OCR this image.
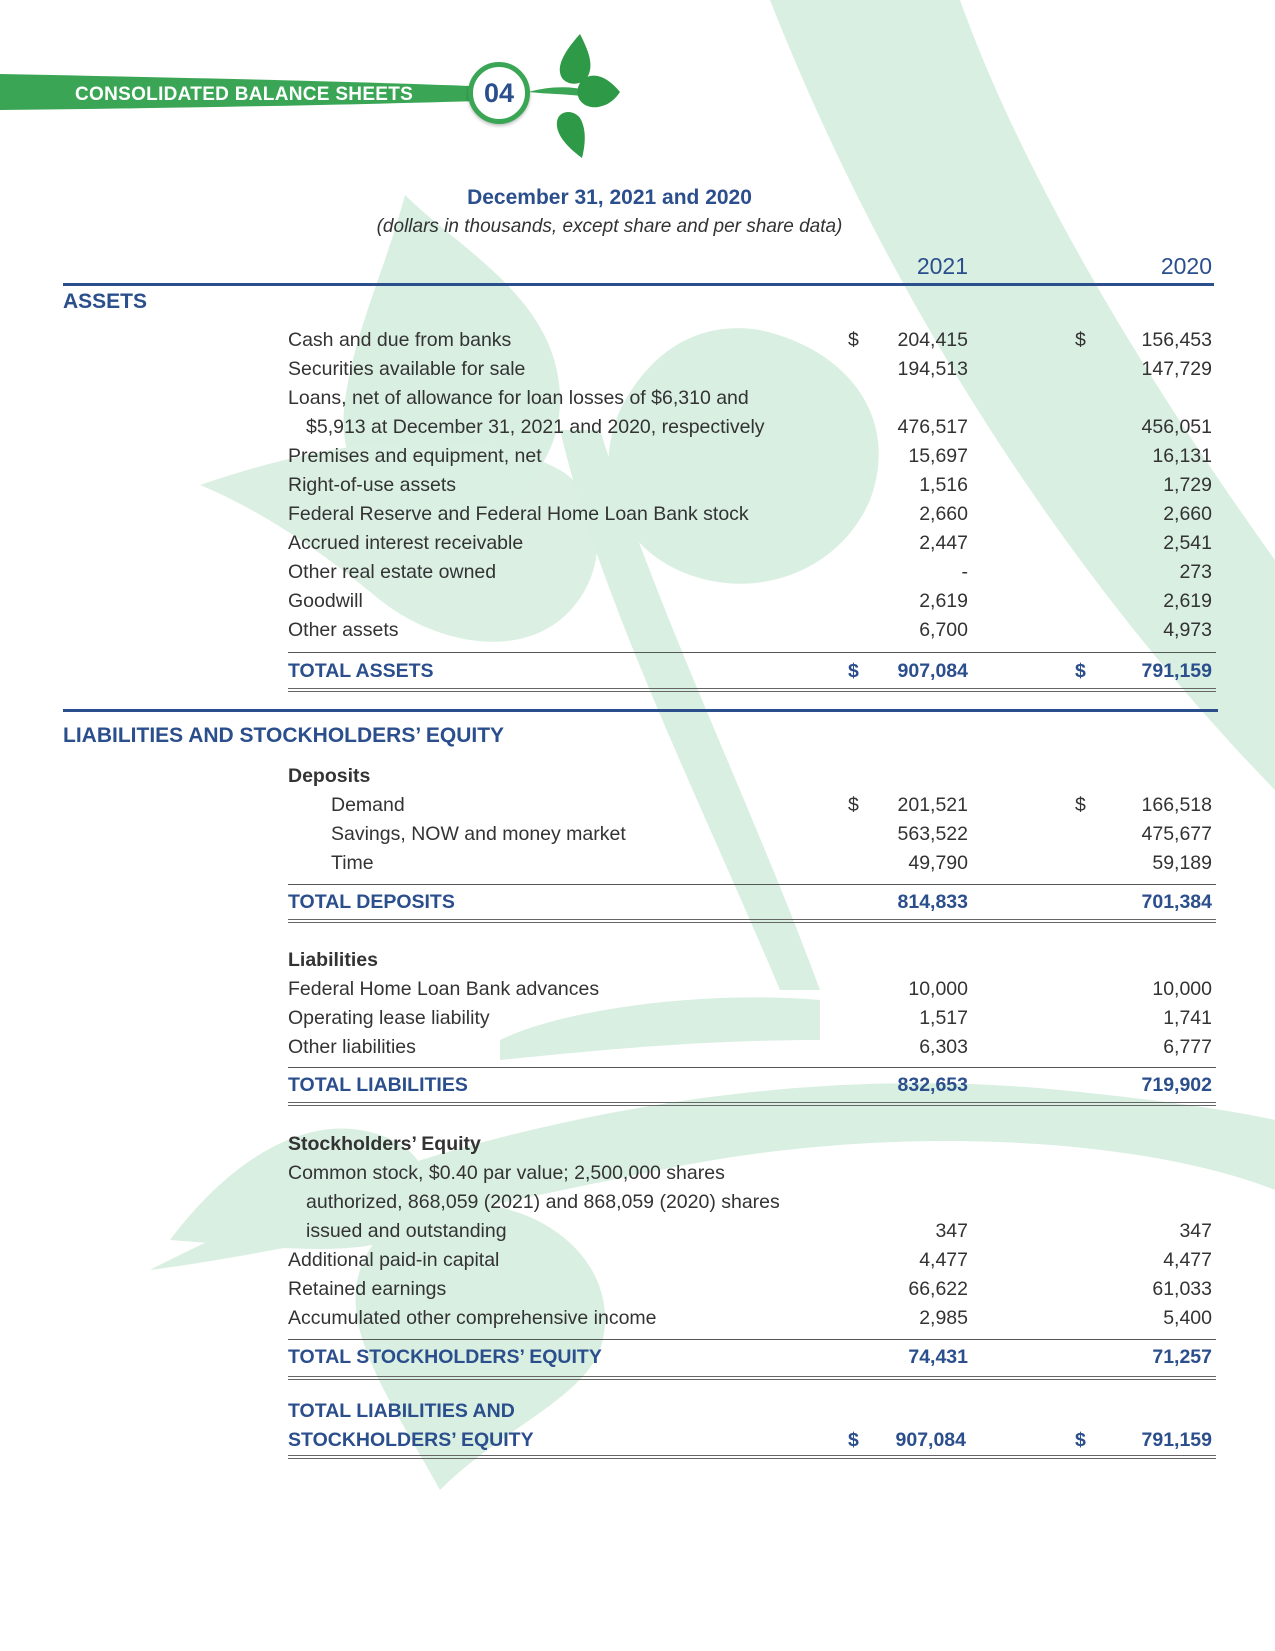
CONSOLIDATED BALANCE SHEETS	04
December 31, 2021 and 2020
(dollars in thousands, except share and per share data)
2021	2020
ASSETS
Cash and due from banks	$ 204,415	$	156,453
Securities available for sale	194,513	147,729
Loans, net of allowance for loan losses of $6,310 and
$5,913 at December 31, 2021 and 2020, respectively	476,517	456,051
Premises and equipment, net	15,697	16,131
Right-of-use assets	1,516	1,729
Federal Reserve and Federal Home Loan Bank stock	2,660	2,660
Accrued interest receivable	2,447	2,541
Other real estate owned	-	273
Goodwill	2,619	2,619
Other assets	6,700	4,973
TOTAL ASSETS	$ 907,084	$	791,159
LIABILITIES AND STOCKHOLDERS’ EQUITY
Deposits
Demand	$ 201,521	$	166,518
Savings, NOW and money market	563,522	475,677
Time	49,790	59,189
TOTAL DEPOSITS	814,833	701,384
Liabilities
Federal Home Loan Bank advances	10,000	10,000
Operating lease liability	1,517	1,741
Other liabilities	6,303	6,777
TOTAL LIABILITIES	832,653	719,902
Stockholders’ Equity
Common stock, $0.40 par value; 2,500,000 shares
authorized, 868,059 (2021) and 868,059 (2020) shares
issued and outstanding	347	347
Additional paid-in capital	4,477	4,477
Retained earnings	66,622	61,033
Accumulated other comprehensive income	2,985	5,400
TOTAL STOCKHOLDERS’ EQUITY	74,431	71,257
TOTAL LIABILITIES AND
STOCKHOLDERS’ EQUITY	$ 907,084	$	791,159
